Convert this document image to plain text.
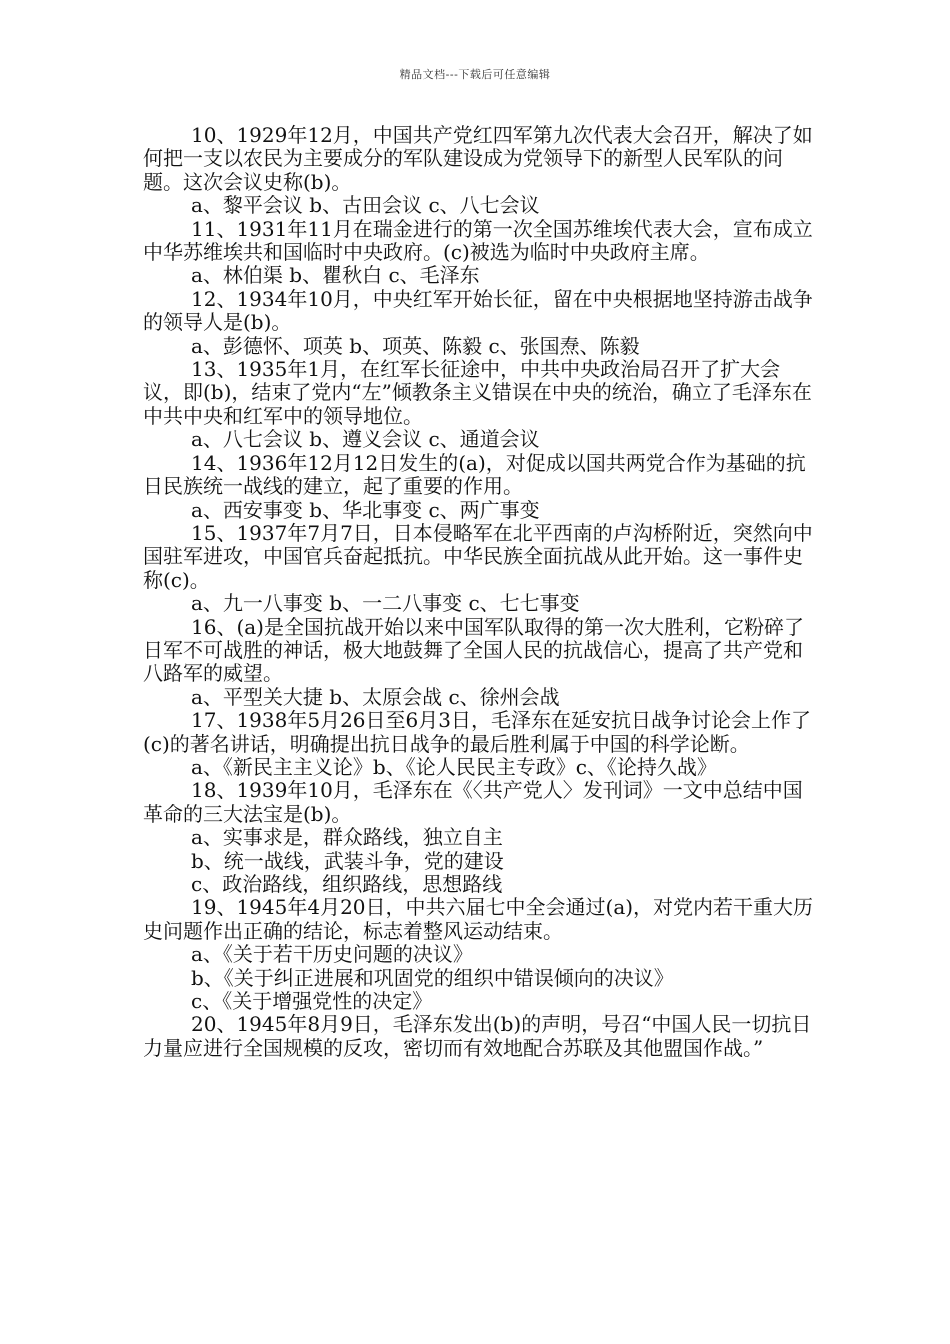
精品文档---下载后可任意编辑

10、1929年12月，中国共产党红四军第九次代表大会召开，解决了如何把一支以农民为主要成分的军队建设成为党领导下的新型人民军队的问题。这次会议史称(b)。

a、黎平会议 b、古田会议 c、八七会议

11、1931年11月在瑞金进行的第一次全国苏维埃代表大会，宣布成立中华苏维埃共和国临时中央政府。(c)被选为临时中央政府主席。

a、林伯渠 b、瞿秋白 c、毛泽东

12、1934年10月，中央红军开始长征，留在中央根据地坚持游击战争的领导人是(b)。

a、彭德怀、项英 b、项英、陈毅 c、张国焘、陈毅

13、1935年1月，在红军长征途中，中共中央政治局召开了扩大会议，即(b)，结束了党内“左”倾教条主义错误在中央的统治，确立了毛泽东在中共中央和红军中的领导地位。

a、八七会议 b、遵义会议 c、通道会议

14、1936年12月12日发生的(a)，对促成以国共两党合作为基础的抗日民族统一战线的建立，起了重要的作用。

a、西安事变 b、华北事变 c、两广事变

15、1937年7月7日，日本侵略军在北平西南的卢沟桥附近，突然向中国驻军进攻，中国官兵奋起抵抗。中华民族全面抗战从此开始。这一事件史称(c)。

a、九一八事变 b、一二八事变 c、七七事变

16、(a)是全国抗战开始以来中国军队取得的第一次大胜利，它粉碎了日军不可战胜的神话，极大地鼓舞了全国人民的抗战信心，提高了共产党和八路军的威望。

a、平型关大捷 b、太原会战 c、徐州会战

17、1938年5月26日至6月3日，毛泽东在延安抗日战争讨论会上作了(c)的著名讲话，明确提出抗日战争的最后胜利属于中国的科学论断。

a、《新民主主义论》b、《论人民民主专政》c、《论持久战》

18、1939年10月，毛泽东在《〈共产党人〉发刊词》一文中总结中国革命的三大法宝是(b)。

a、实事求是，群众路线，独立自主

b、统一战线，武装斗争，党的建设

c、政治路线，组织路线，思想路线

19、1945年4月20日，中共六届七中全会通过(a)，对党内若干重大历史问题作出正确的结论，标志着整风运动结束。

a、《关于若干历史问题的决议》

b、《关于纠正进展和巩固党的组织中错误倾向的决议》

c、《关于增强党性的决定》

20、1945年8月9日，毛泽东发出(b)的声明，号召“中国人民一切抗日力量应进行全国规模的反攻，密切而有效地配合苏联及其他盟国作战。”
